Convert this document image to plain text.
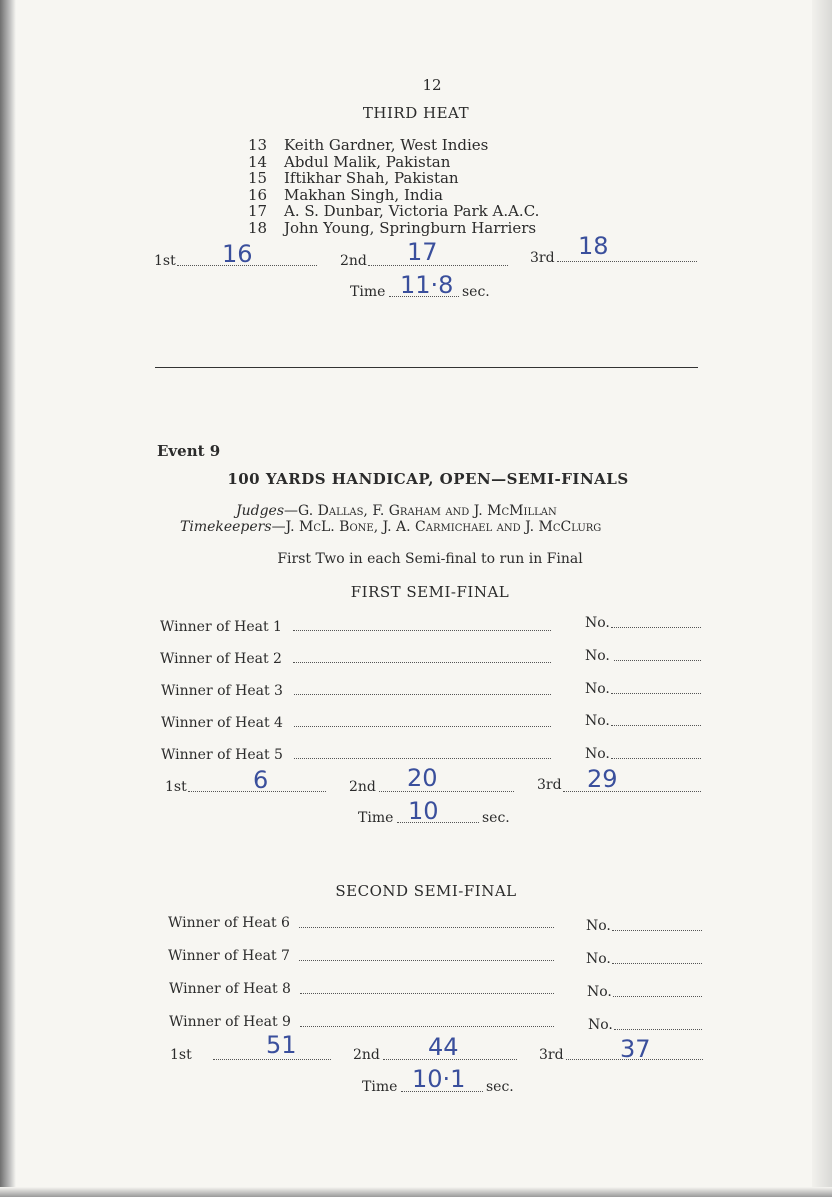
12
THIRD HEAT
13 Keith Gardner, West Indies
14 Abdul Malik, Pakistan
15 Iftikhar Shah, Pakistan
16 Makhan Singh, India
17 A. S. Dunbar, Victoria Park A.A.C.
18 John Young, Springburn Harriers
1st 16	2nd 17	3rd 18
Time 11·8 sec.
Event 9
100 YARDS HANDICAP, OPEN—SEMI-FINALS
Judges—G. Dallas, F. Graham and J. McMillan
Timekeepers—J. McL. Bone, J. A. Carmichael and J. McClurg
First Two in each Semi-final to run in Final
FIRST SEMI-FINAL
Winner of Heat 1	No.
Winner of Heat 2	No.
Winner of Heat 3	No.
Winner of Heat 4	No.
Winner of Heat 5	No.
1st	6	2nd 20	3rd 29
Time 10	sec.
SECOND SEMI-FINAL
Winner of Heat 6	No.
Winner of Heat 7	No.
Winner of Heat 8	No.
Winner of Heat 9	No.
1st	51	2nd 44	3rd 37
Time 10·1 sec.
